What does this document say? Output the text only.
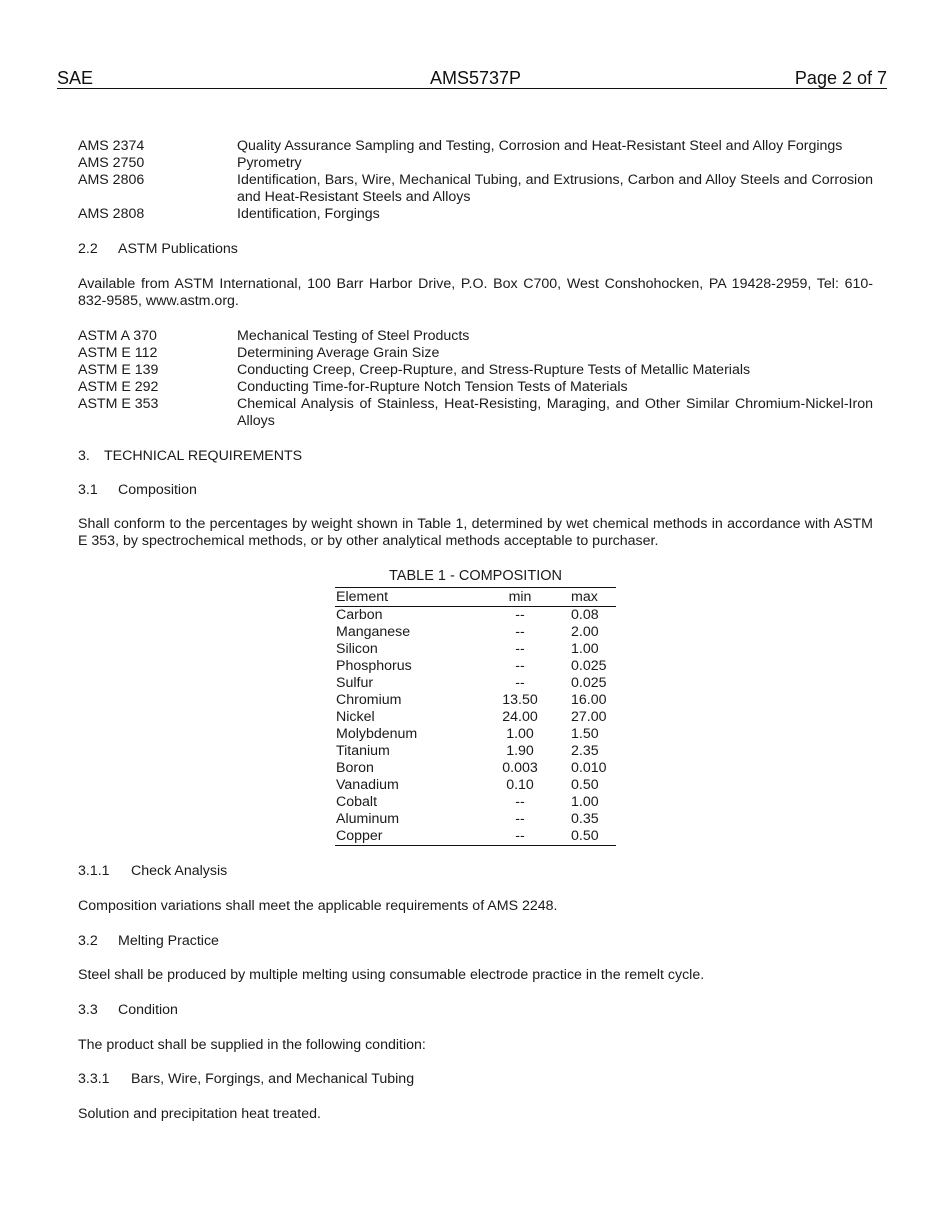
SAE	AMS5737P	Page 2 of 7
AMS 2374	Quality Assurance Sampling and Testing, Corrosion and Heat-Resistant Steel and Alloy Forgings
AMS 2750	Pyrometry
AMS 2806	Identification, Bars, Wire, Mechanical Tubing, and Extrusions, Carbon and Alloy Steels and Corrosion and Heat-Resistant Steels and Alloys
AMS 2808	Identification, Forgings
2.2 ASTM Publications
Available from ASTM International, 100 Barr Harbor Drive, P.O. Box C700, West Conshohocken, PA 19428-2959, Tel: 610-832-9585, www.astm.org.
ASTM A 370	Mechanical Testing of Steel Products
ASTM E 112	Determining Average Grain Size
ASTM E 139	Conducting Creep, Creep-Rupture, and Stress-Rupture Tests of Metallic Materials
ASTM E 292	Conducting Time-for-Rupture Notch Tension Tests of Materials
ASTM E 353	Chemical Analysis of Stainless, Heat-Resisting, Maraging, and Other Similar Chromium-Nickel-Iron Alloys
3. TECHNICAL REQUIREMENTS
3.1 Composition
Shall conform to the percentages by weight shown in Table 1, determined by wet chemical methods in accordance with ASTM E 353, by spectrochemical methods, or by other analytical methods acceptable to purchaser.
TABLE 1 - COMPOSITION
Element	min	max
Carbon	--	0.08
Manganese	--	2.00
Silicon	--	1.00
Phosphorus	--	0.025
Sulfur	--	0.025
Chromium	13.50	16.00
Nickel	24.00	27.00
Molybdenum	1.00	1.50
Titanium	1.90	2.35
Boron	0.003	0.010
Vanadium	0.10	0.50
Cobalt	--	1.00
Aluminum	--	0.35
Copper	--	0.50
3.1.1 Check Analysis
Composition variations shall meet the applicable requirements of AMS 2248.
3.2 Melting Practice
Steel shall be produced by multiple melting using consumable electrode practice in the remelt cycle.
3.3 Condition
The product shall be supplied in the following condition:
3.3.1 Bars, Wire, Forgings, and Mechanical Tubing
Solution and precipitation heat treated.
